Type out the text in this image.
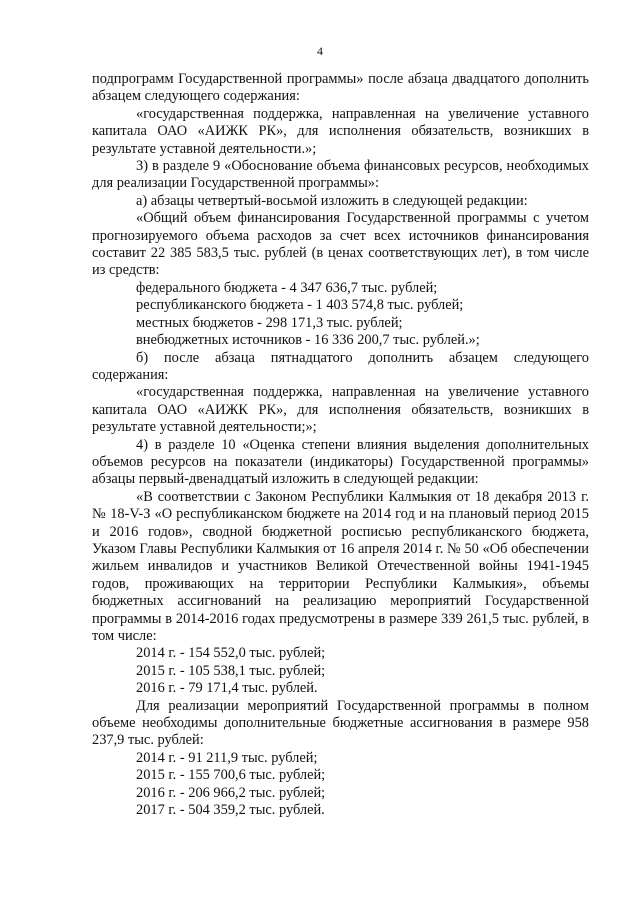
4

подпрограмм Государственной программы» после абзаца двадцатого дополнить абзацем следующего содержания:

«государственная поддержка, направленная на увеличение уставного капитала ОАО «АИЖК РК», для исполнения обязательств, возникших в результате уставной деятельности.»;

3) в разделе 9 «Обоснование объема финансовых ресурсов, необходимых для реализации Государственной программы»:

а) абзацы четвертый-восьмой изложить в следующей редакции:

«Общий объем финансирования Государственной программы с учетом прогнозируемого объема расходов за счет всех источников финансирования составит 22 385 583,5 тыс. рублей (в ценах соответствующих лет), в том числе из средств:

федерального бюджета - 4 347 636,7 тыс. рублей;

республиканского бюджета - 1 403 574,8 тыс. рублей;

местных бюджетов - 298 171,3 тыс. рублей;

внебюджетных источников - 16 336 200,7 тыс. рублей.»;

б) после абзаца пятнадцатого дополнить абзацем следующего содержания:

«государственная поддержка, направленная на увеличение уставного капитала ОАО «АИЖК РК», для исполнения обязательств, возникших в результате уставной деятельности;»;

4) в разделе 10 «Оценка степени влияния выделения дополнительных объемов ресурсов на показатели (индикаторы) Государственной программы» абзацы первый-двенадцатый изложить в следующей редакции:

«В соответствии с Законом Республики Калмыкия от 18 декабря 2013 г. № 18-V-З «О республиканском бюджете на 2014 год и на плановый период 2015 и 2016 годов», сводной бюджетной росписью республиканского бюджета, Указом Главы Республики Калмыкия от 16 апреля 2014 г. № 50 «Об обеспечении жильем инвалидов и участников Великой Отечественной войны 1941-1945 годов, проживающих на территории Республики Калмыкия», объемы бюджетных ассигнований на реализацию мероприятий Государственной программы в 2014-2016 годах предусмотрены в размере 339 261,5 тыс. рублей, в том числе:

2014 г. - 154 552,0 тыс. рублей;

2015 г. - 105 538,1 тыс. рублей;

2016 г. - 79 171,4 тыс. рублей.

Для реализации мероприятий Государственной программы в полном объеме необходимы дополнительные бюджетные ассигнования в размере 958 237,9 тыс. рублей:

2014 г. - 91 211,9 тыс. рублей;

2015 г. - 155 700,6 тыс. рублей;

2016 г. - 206 966,2 тыс. рублей;

2017 г. - 504 359,2 тыс. рублей.
